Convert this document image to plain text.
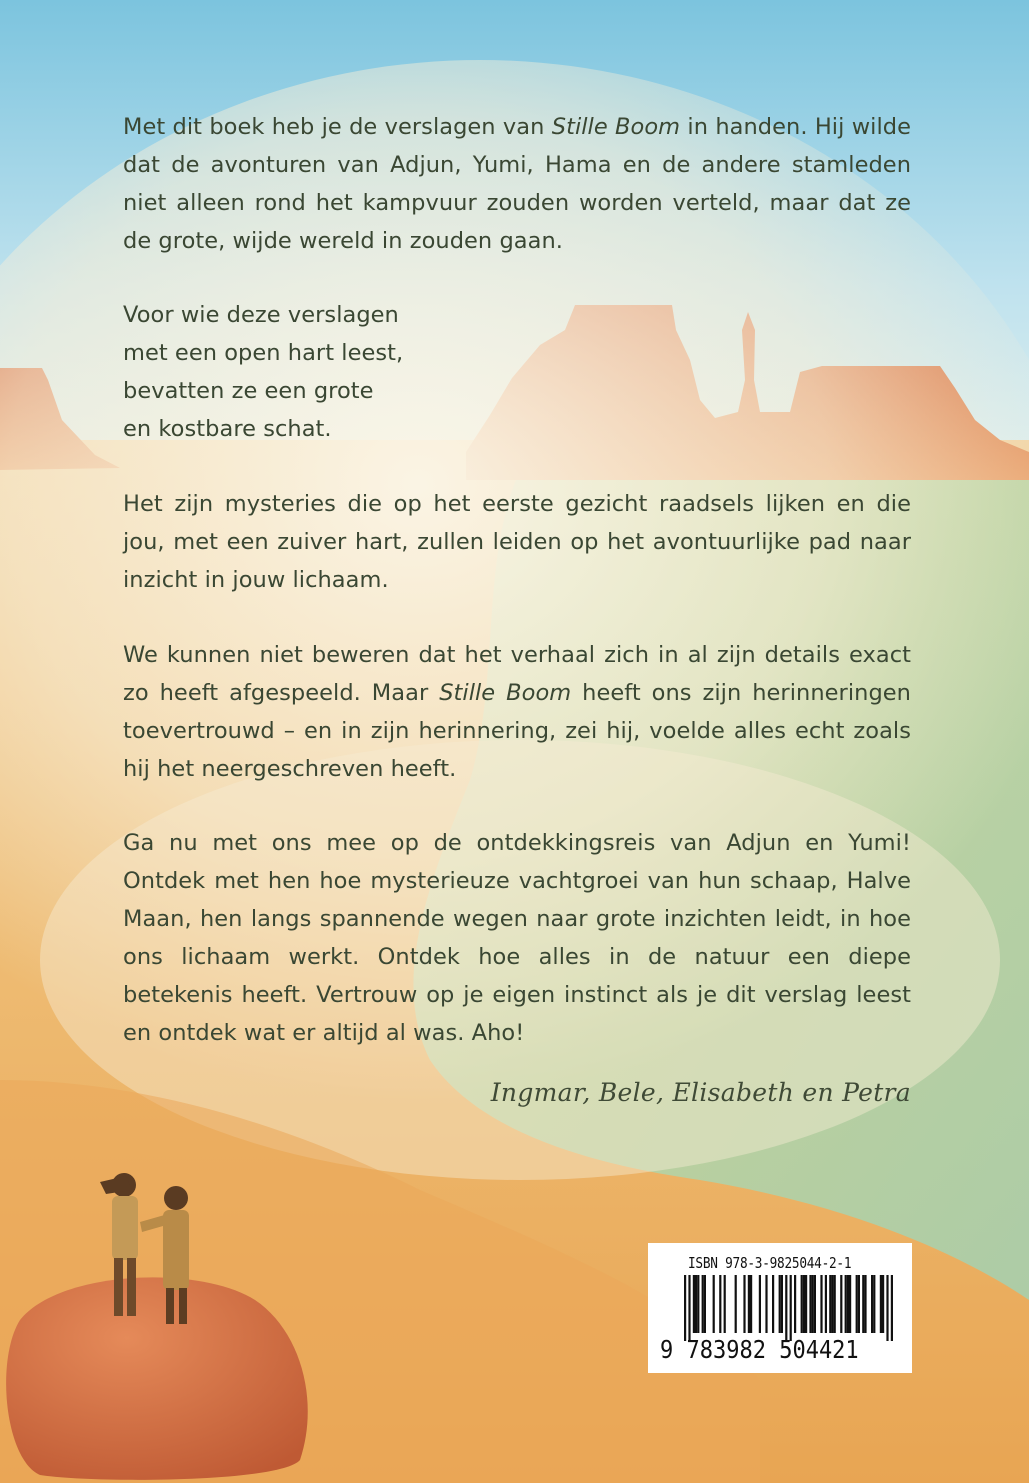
Met dit boek heb je de verslagen van Stille Boom in handen. Hij wilde dat de avonturen van Adjun, Yumi, Hama en de andere stamleden niet alleen rond het kampvuur zouden worden verteld, maar dat ze de grote, wijde wereld in zouden gaan.

Voor wie deze verslagen
met een open hart leest,
bevatten ze een grote
en kostbare schat.

Het zijn mysteries die op het eerste gezicht raadsels lijken en die jou, met een zuiver hart, zullen leiden op het avontuurlijke pad naar inzicht in jouw lichaam.

We kunnen niet beweren dat het verhaal zich in al zijn details exact zo heeft afgespeeld. Maar Stille Boom heeft ons zijn herinneringen toevertrouwd – en in zijn herinnering, zei hij, voelde alles echt zoals hij het neergeschreven heeft.

Ga nu met ons mee op de ontdekkingsreis van Adjun en Yumi! Ontdek met hen hoe mysterieuze vachtgroei van hun schaap, Halve Maan, hen langs spannende wegen naar grote inzichten leidt, in hoe ons lichaam werkt. Ontdek hoe alles in de natuur een diepe betekenis heeft. Vertrouw op je eigen instinct als je dit verslag leest en ontdek wat er altijd al was. Aho!

Ingmar, Bele, Elisabeth en Petra
ISBN 978-3-9825044-2-1
9 783982 504421
